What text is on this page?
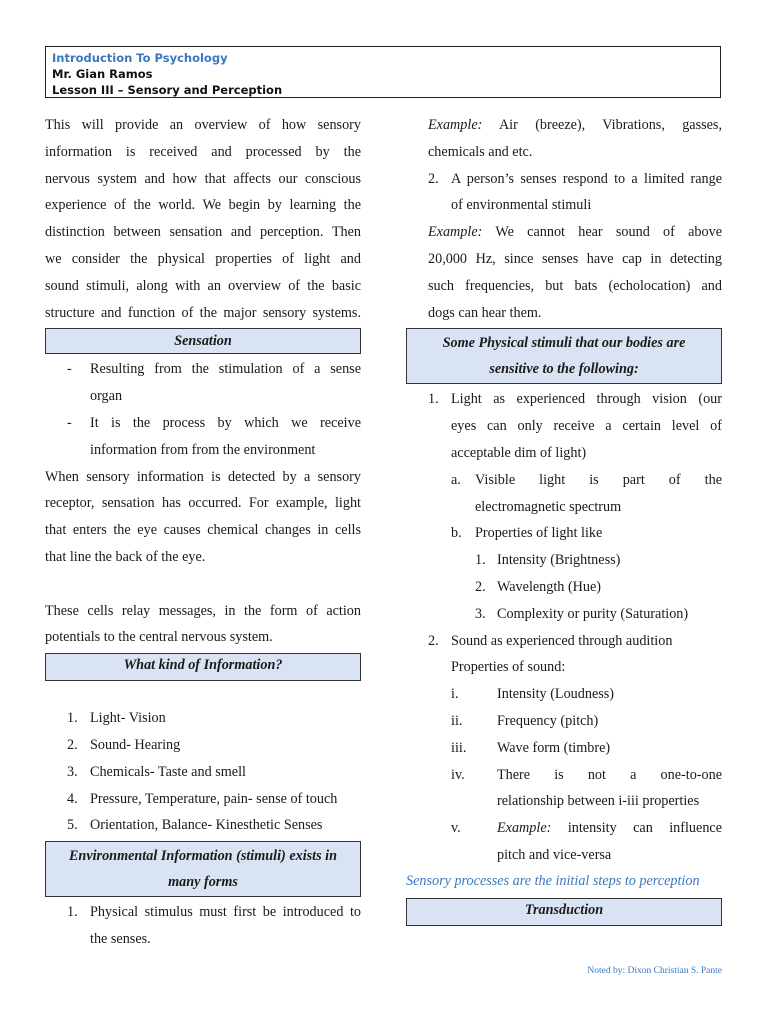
Introduction To Psychology
Mr. Gian Ramos
Lesson III – Sensory and Perception
This will provide an overview of how sensory
information is received and processed by the
nervous system and how that affects our conscious
experience of the world. We begin by learning the
distinction between sensation and perception. Then
we consider the physical properties of light and
sound stimuli, along with an overview of the basic
structure and function of the major sensory systems.
Sensation
-	Resulting from the stimulation of a sense
organ
-	It is the process by which we receive
information from from the environment
When sensory information is detected by a sensory
receptor, sensation has occurred. For example, light
that enters the eye causes chemical changes in cells
that line the back of the eye.
These cells relay messages, in the form of action
potentials to the central nervous system.
What kind of Information?
1. Light- Vision
2. Sound- Hearing
3. Chemicals- Taste and smell
4. Pressure, Temperature, pain- sense of touch
5. Orientation, Balance- Kinesthetic Senses
Environmental Information (stimuli) exists in
many forms
1. Physical stimulus must first be introduced to
the senses.
Example: Air (breeze), Vibrations, gasses,
chemicals and etc.
2. A person’s senses respond to a limited range
of environmental stimuli
Example: We cannot hear sound of above
20,000 Hz, since senses have cap in detecting
such frequencies, but bats (echolocation) and
dogs can hear them.
Some Physical stimuli that our bodies are
sensitive to the following:
1. Light as experienced through vision (our
eyes can only receive a certain level of
acceptable dim of light)
a. Visible light is part of the
electromagnetic spectrum
b. Properties of light like
1. Intensity (Brightness)
2. Wavelength (Hue)
3. Complexity or purity (Saturation)
2. Sound as experienced through audition
Properties of sound:
i.	Intensity (Loudness)
ii.	Frequency (pitch)
iii.	Wave form (timbre)
iv.	There is not a one-to-one
relationship between i-iii properties
v.	Example: intensity can influence
pitch and vice-versa
Sensory processes are the initial steps to perception
Transduction
Noted by: Dixon Christian S. Pante
